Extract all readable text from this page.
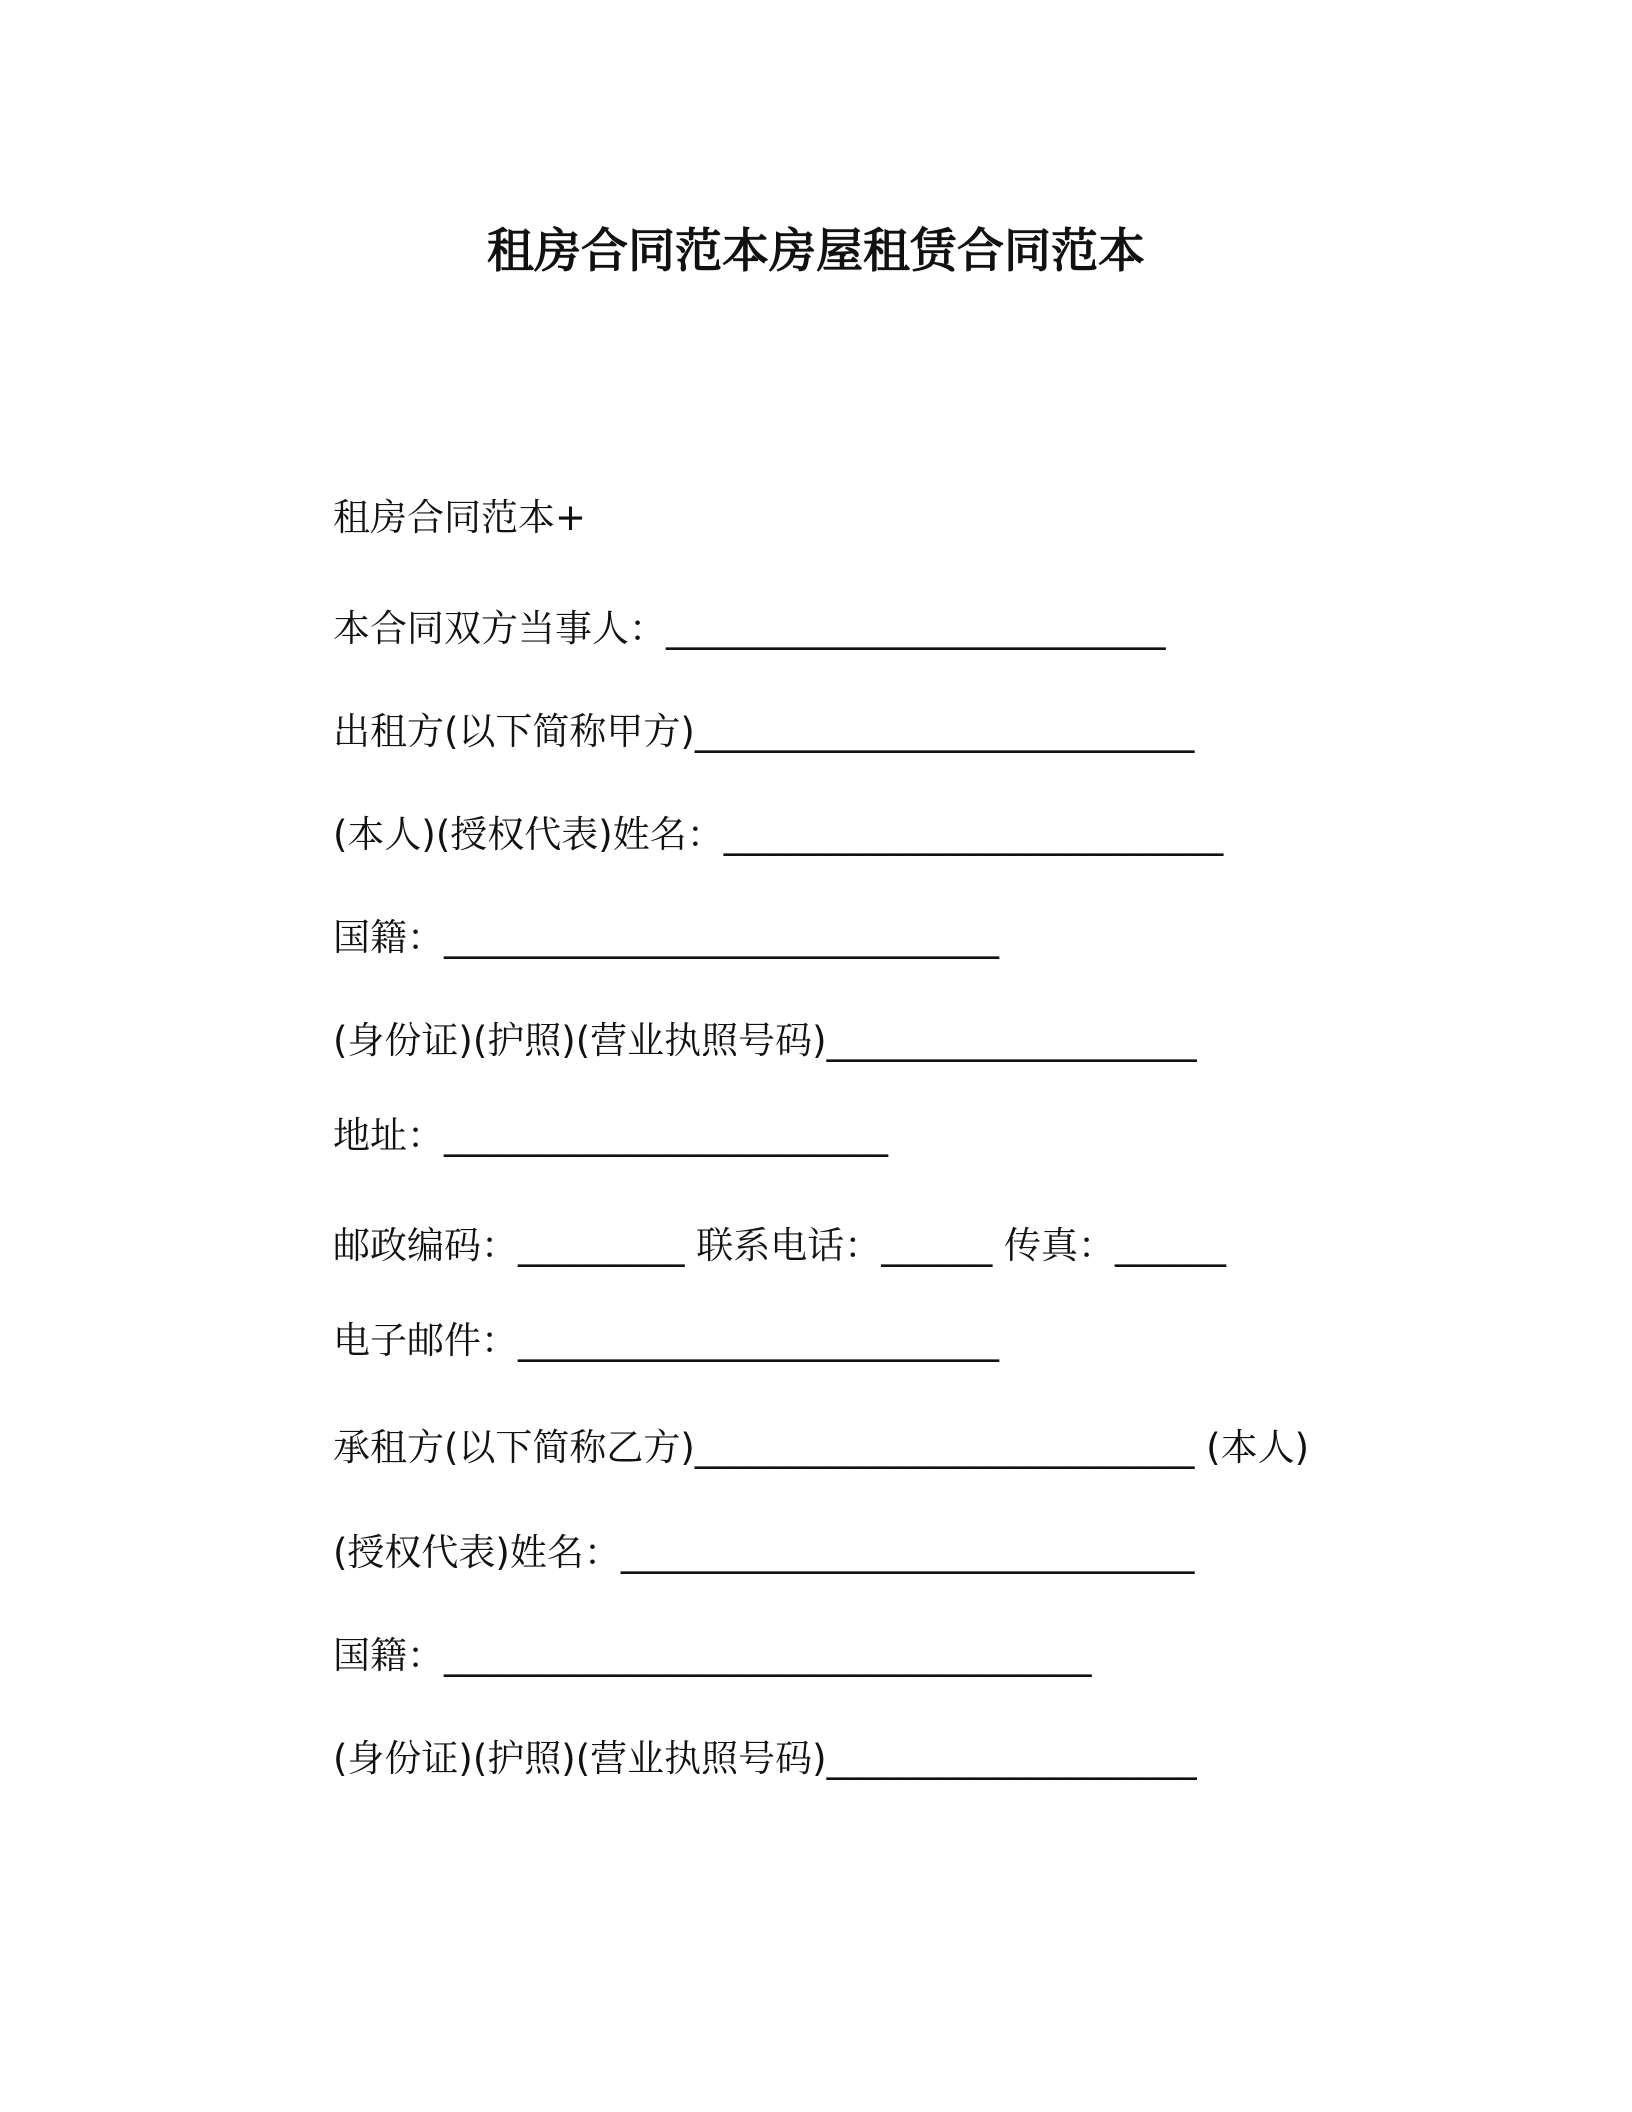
租房合同范本房屋租赁合同范本
租房合同范本+
本合同双方当事人：___________________________
出租方(以下简称甲方)___________________________
(本人)(授权代表)姓名：___________________________
国籍：______________________________
(身份证)(护照)(营业执照号码)____________________
地址：________________________
邮政编码：_________ 联系电话：______ 传真：______
电子邮件：__________________________
承租方(以下简称乙方)___________________________ (本人)
(授权代表)姓名：_______________________________
国籍：___________________________________
(身份证)(护照)(营业执照号码)____________________
